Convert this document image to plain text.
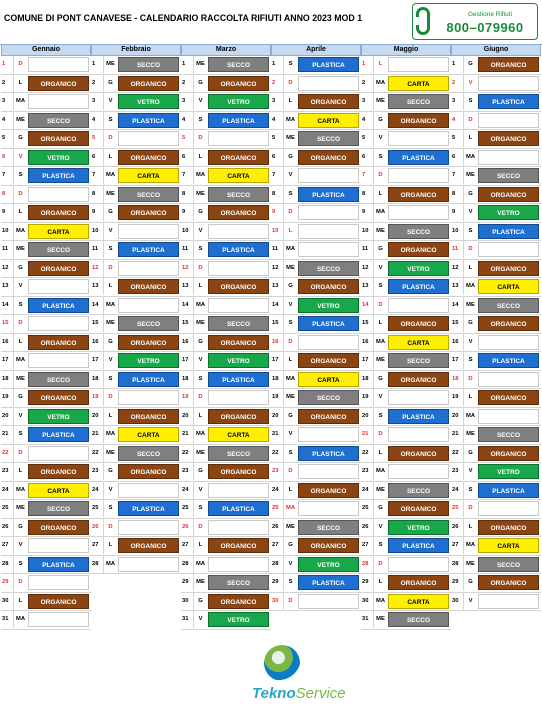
COMUNE DI PONT CANAVESE - CALENDARIO RACCOLTA RIFIUTI ANNO 2023 MOD 1	Gestione Rifiuti
800–079960
Gennaio
1	D
2	L	ORGANICO
3	MA
4	ME	SECCO
5	G	ORGANICO
6	V	VETRO
7	S	PLASTICA
8	D
9	L	ORGANICO
10	MA	CARTA
11	ME	SECCO
12	G	ORGANICO
13	V
14	S	PLASTICA
15	D
16	L	ORGANICO
17	MA
18	ME	SECCO
19	G	ORGANICO
20	V	VETRO
21	S	PLASTICA
22	D
23	L	ORGANICO
24	MA	CARTA
25	ME	SECCO
26	G	ORGANICO
27	V
28	S	PLASTICA
29	D
30	L	ORGANICO
31	MA
Febbraio
1	ME	SECCO
2	G	ORGANICO
3	V	VETRO
4	S	PLASTICA
5	D
6	L	ORGANICO
7	MA	CARTA
8	ME	SECCO
9	G	ORGANICO
10	V
11	S	PLASTICA
12	D
13	L	ORGANICO
14	MA
15	ME	SECCO
16	G	ORGANICO
17	V	VETRO
18	S	PLASTICA
19	D
20	L	ORGANICO
21	MA	CARTA
22	ME	SECCO
23	G	ORGANICO
24	V
25	S	PLASTICA
26	D
27	L	ORGANICO
28	MA
Marzo
1	ME	SECCO
2	G	ORGANICO
3	V	VETRO
4	S	PLASTICA
5	D
6	L	ORGANICO
7	MA	CARTA
8	ME	SECCO
9	G	ORGANICO
10	V
11	S	PLASTICA
12	D
13	L	ORGANICO
14	MA
15	ME	SECCO
16	G	ORGANICO
17	V	VETRO
18	S	PLASTICA
19	D
20	L	ORGANICO
21	MA	CARTA
22	ME	SECCO
23	G	ORGANICO
24	V
25	S	PLASTICA
26	D
27	L	ORGANICO
28	MA
29	ME	SECCO
30	G	ORGANICO
31	V	VETRO
Aprile
1	S	PLASTICA
2	D
3	L	ORGANICO
4	MA	CARTA
5	ME	SECCO
6	G	ORGANICO
7	V
8	S	PLASTICA
9	D
10	L
11	MA
12	ME	SECCO
13	G	ORGANICO
14	V	VETRO
15	S	PLASTICA
16	D
17	L	ORGANICO
18	MA	CARTA
19	ME	SECCO
20	G	ORGANICO
21	V
22	S	PLASTICA
23	D
24	L	ORGANICO
25	MA
26	ME	SECCO
27	G	ORGANICO
28	V	VETRO
29	S	PLASTICA
30	D
Maggio
1	L
2	MA	CARTA
3	ME	SECCO
4	G	ORGANICO
5	V
6	S	PLASTICA
7	D
8	L	ORGANICO
9	MA
10	ME	SECCO
11	G	ORGANICO
12	V	VETRO
13	S	PLASTICA
14	D
15	L	ORGANICO
16	MA	CARTA
17	ME	SECCO
18	G	ORGANICO
19	V
20	S	PLASTICA
21	D
22	L	ORGANICO
23	MA
24	ME	SECCO
25	G	ORGANICO
26	V	VETRO
27	S	PLASTICA
28	D
29	L	ORGANICO
30	MA	CARTA
31	ME	SECCO
Giugno
1	G	ORGANICO
2	V
3	S	PLASTICA
4	D
5	L	ORGANICO
6	MA
7	ME	SECCO
8	G	ORGANICO
9	V	VETRO
10	S	PLASTICA
11	D
12	L	ORGANICO
13	MA	CARTA
14	ME	SECCO
15	G	ORGANICO
16	V
17	S	PLASTICA
18	D
19	L	ORGANICO
20	MA
21	ME	SECCO
22	G	ORGANICO
23	V	VETRO
24	S	PLASTICA
25	D
26	L	ORGANICO
27	MA	CARTA
28	ME	SECCO
29	G	ORGANICO
30	V
TeknoService
